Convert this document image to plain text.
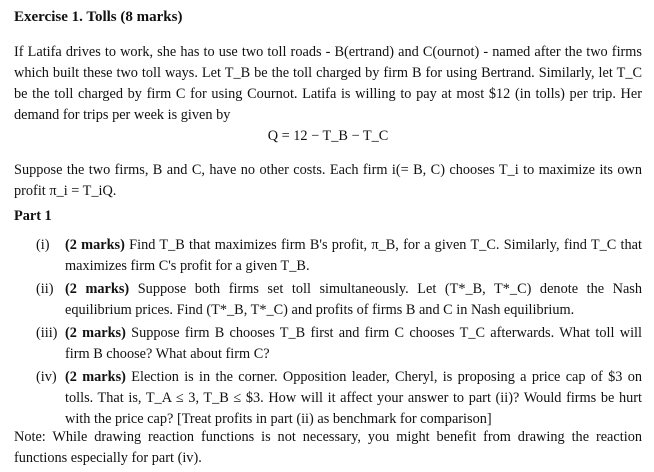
Exercise 1. Tolls (8 marks)
If Latifa drives to work, she has to use two toll roads - B(ertrand) and C(ournot) - named after the two firms which built these two toll ways. Let T_B be the toll charged by firm B for using Bertrand. Similarly, let T_C be the toll charged by firm C for using Cournot. Latifa is willing to pay at most $12 (in tolls) per trip. Her demand for trips per week is given by
Q = 12 − T_B − T_C
Suppose the two firms, B and C, have no other costs. Each firm i(= B, C) chooses T_i to maximize its own profit π_i = T_iQ.
Part 1
(i)	(2 marks) Find T_B that maximizes firm B's profit, π_B, for a given T_C. Similarly, find T_C that maximizes firm C's profit for a given T_B.
(ii) (2 marks) Suppose both firms set toll simultaneously. Let (T*_B, T*_C) denote the Nash equilibrium prices. Find (T*_B, T*_C) and profits of firms B and C in Nash equilibrium.
(iii) (2 marks) Suppose firm B chooses T_B first and firm C chooses T_C afterwards. What toll will firm B choose? What about firm C?
(iv) (2 marks) Election is in the corner. Opposition leader, Cheryl, is proposing a price cap of $3 on tolls. That is, T_A ≤ 3, T_B ≤ $3. How will it affect your answer to part (ii)? Would firms be hurt with the price cap? [Treat profits in part (ii) as benchmark for comparison]
Note: While drawing reaction functions is not necessary, you might benefit from drawing the reaction functions especially for part (iv).
